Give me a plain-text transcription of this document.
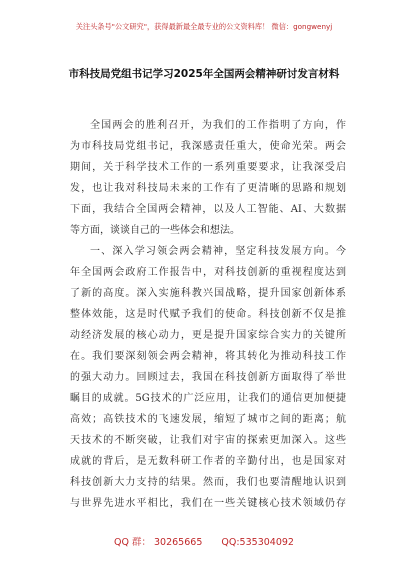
关注头条号"公文研究"，获得最新最全最专业的公文资料库！ 微信：gongwenyj
市科技局党组书记学习2025年全国两会精神研讨发言材料
全国两会的胜利召开，为我们的工作指明了方向，作
为市科技局党组书记，我深感责任重大，使命光荣。两会
期间，关于科学技术工作的一系列重要要求，让我深受启
发，也让我对科技局未来的工作有了更清晰的思路和规划
下面，我结合全国两会精神，以及人工智能、AI、大数据
等方面，谈谈自己的一些体会和想法。
一、深入学习领会两会精神，坚定科技发展方向。今
年全国两会政府工作报告中，对科技创新的重视程度达到
了新的高度。深入实施科教兴国战略，提升国家创新体系
整体效能，这是时代赋予我们的使命。科技创新不仅是推
动经济发展的核心动力，更是提升国家综合实力的关键所
在。我们要深刻领会两会精神，将其转化为推动科技工作
的强大动力。回顾过去，我国在科技创新方面取得了举世
瞩目的成就。5G技术的广泛应用，让我们的通信更加便捷
高效；高铁技术的飞速发展，缩短了城市之间的距离；航
天技术的不断突破，让我们对宇宙的探索更加深入。这些
成就的背后，是无数科研工作者的辛勤付出，也是国家对
科技创新大力支持的结果。然而，我们也要清醒地认识到
与世界先进水平相比，我们在一些关键核心技术领域仍存
QQ 群： 30265665 QQ:535304092
